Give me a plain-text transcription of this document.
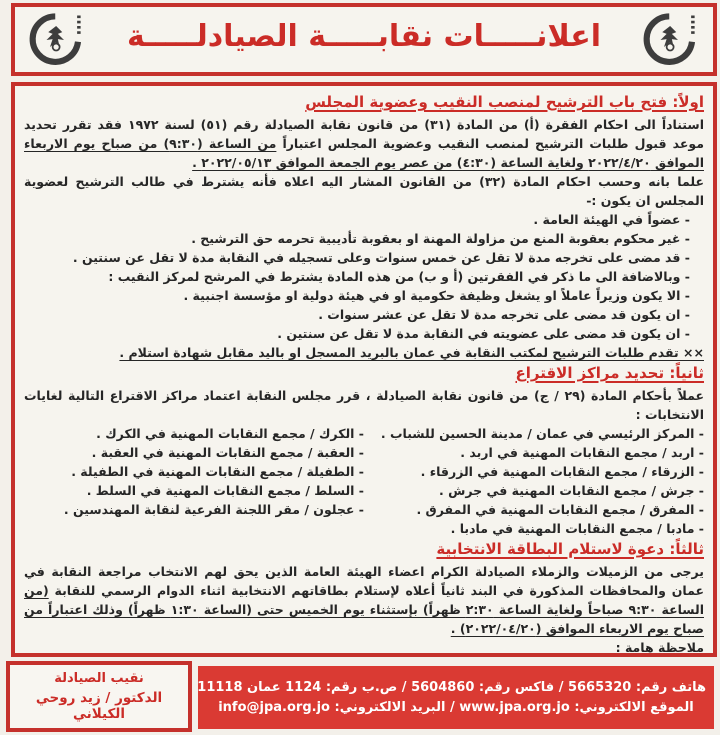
اعلانـــــات نقابـــــة الصيادلـــــة
اولاً: فتح باب الترشيح لمنصب النقيب وعضوية المجلس

استناداً الى احكام الفقرة (أ) من المادة (٣١) من قانون نقابة الصيادلة رقم (٥١) لسنة ١٩٧٢ فقد تقرر تحديد موعد قبول طلبات الترشيح لمنصب النقيب وعضوية المجلس اعتباراً من الساعة (٩:٣٠) من صباح يوم الاربعاء الموافق ٢٠٢٢/٤/٢٠ ولغاية الساعة (٤:٣٠) من عصر يوم الجمعة الموافق ٢٠٢٢/٠٥/١٣ .

علما بانه وحسب احكام المادة (٣٢) من القانون المشار اليه اعلاه فأنه يشترط في طالب الترشيح لعضوية المجلس ان يكون :-
- عضواً في الهيئة العامة .
- غير محكوم بعقوبة المنع من مزاولة المهنة او بعقوبة تأديبية تحرمه حق الترشيح .
- قد مضى على تخرجه مدة لا تقل عن خمس سنوات وعلى تسجيله في النقابة مدة لا تقل عن سنتين .
- وبالاضافة الى ما ذكر في الفقرتين (أ و ب) من هذه المادة يشترط في المرشح لمركز النقيب :
- الا يكون وزيراً عاملاً او يشغل وظيفة حكومية او في هيئة دولية او مؤسسة اجنبية .
- ان يكون قد مضى على تخرجه مدة لا تقل عن عشر سنوات .
- ان يكون قد مضى على عضويته في النقابة مدة لا تقل عن سنتين .
×× تقدم طلبات الترشيح لمكتب النقابة في عمان بالبريد المسجل او باليد مقابل شهادة استلام .
ثانياً: تحديد مراكز الاقتراع
عملاً بأحكام المادة (٢٩ / ج) من قانون نقابة الصيادلة ، قرر مجلس النقابة اعتماد مراكز الاقتراع التالية لغايات الانتخابات :
- المركز الرئيسي في عمان / مدينة الحسين للشباب .
- اربد / مجمع النقابات المهنية في اربد .
- الزرقاء / مجمع النقابات المهنية في الزرقاء .
- جرش / مجمع النقابات المهنية في جرش .
- المفرق / مجمع النقابات المهنية في المفرق .
- مادبا / مجمع النقابات المهنية في مادبا .
- الكرك / مجمع النقابات المهنية في الكرك .
- العقبة / مجمع النقابات المهنية في العقبة .
- الطفيلة / مجمع النقابات المهنية في الطفيلة .
- السلط / مجمع النقابات المهنية في السلط .
- عجلون / مقر اللجنة الفرعية لنقابة المهندسين .
ثالثاً: دعوة لاستلام البطاقة الانتخابية

يرجى من الزميلات والزملاء الصيادلة الكرام اعضاء الهيئة العامة الذين يحق لهم الانتخاب مراجعة النقابة في عمان والمحافظات المذكورة في البند ثانياً أعلاه لإستلام بطاقاتهم الانتخابية اثناء الدوام الرسمي للنقابة (من الساعة ٩:٣٠ صباحاً ولغاية الساعة ٢:٣٠ ظهراً) بإستثناء يوم الخميس حتى (الساعة ١:٣٠ ظهراً) وذلك اعتباراً من صباح يوم الاربعاء الموافق (٢٠٢٢/٠٤/٢٠) .

ملاحظة هامة :
نقيب الصيادلة
الدكتور / زيد روحي الكيلاني
هاتف رقم: 5665320 / فاكس رقم: 5604860 / ص.ب رقم: 1124 عمان 11118
الموقع الالكتروني: www.jpa.org.jo / البريد الالكتروني: info@jpa.org.jo
